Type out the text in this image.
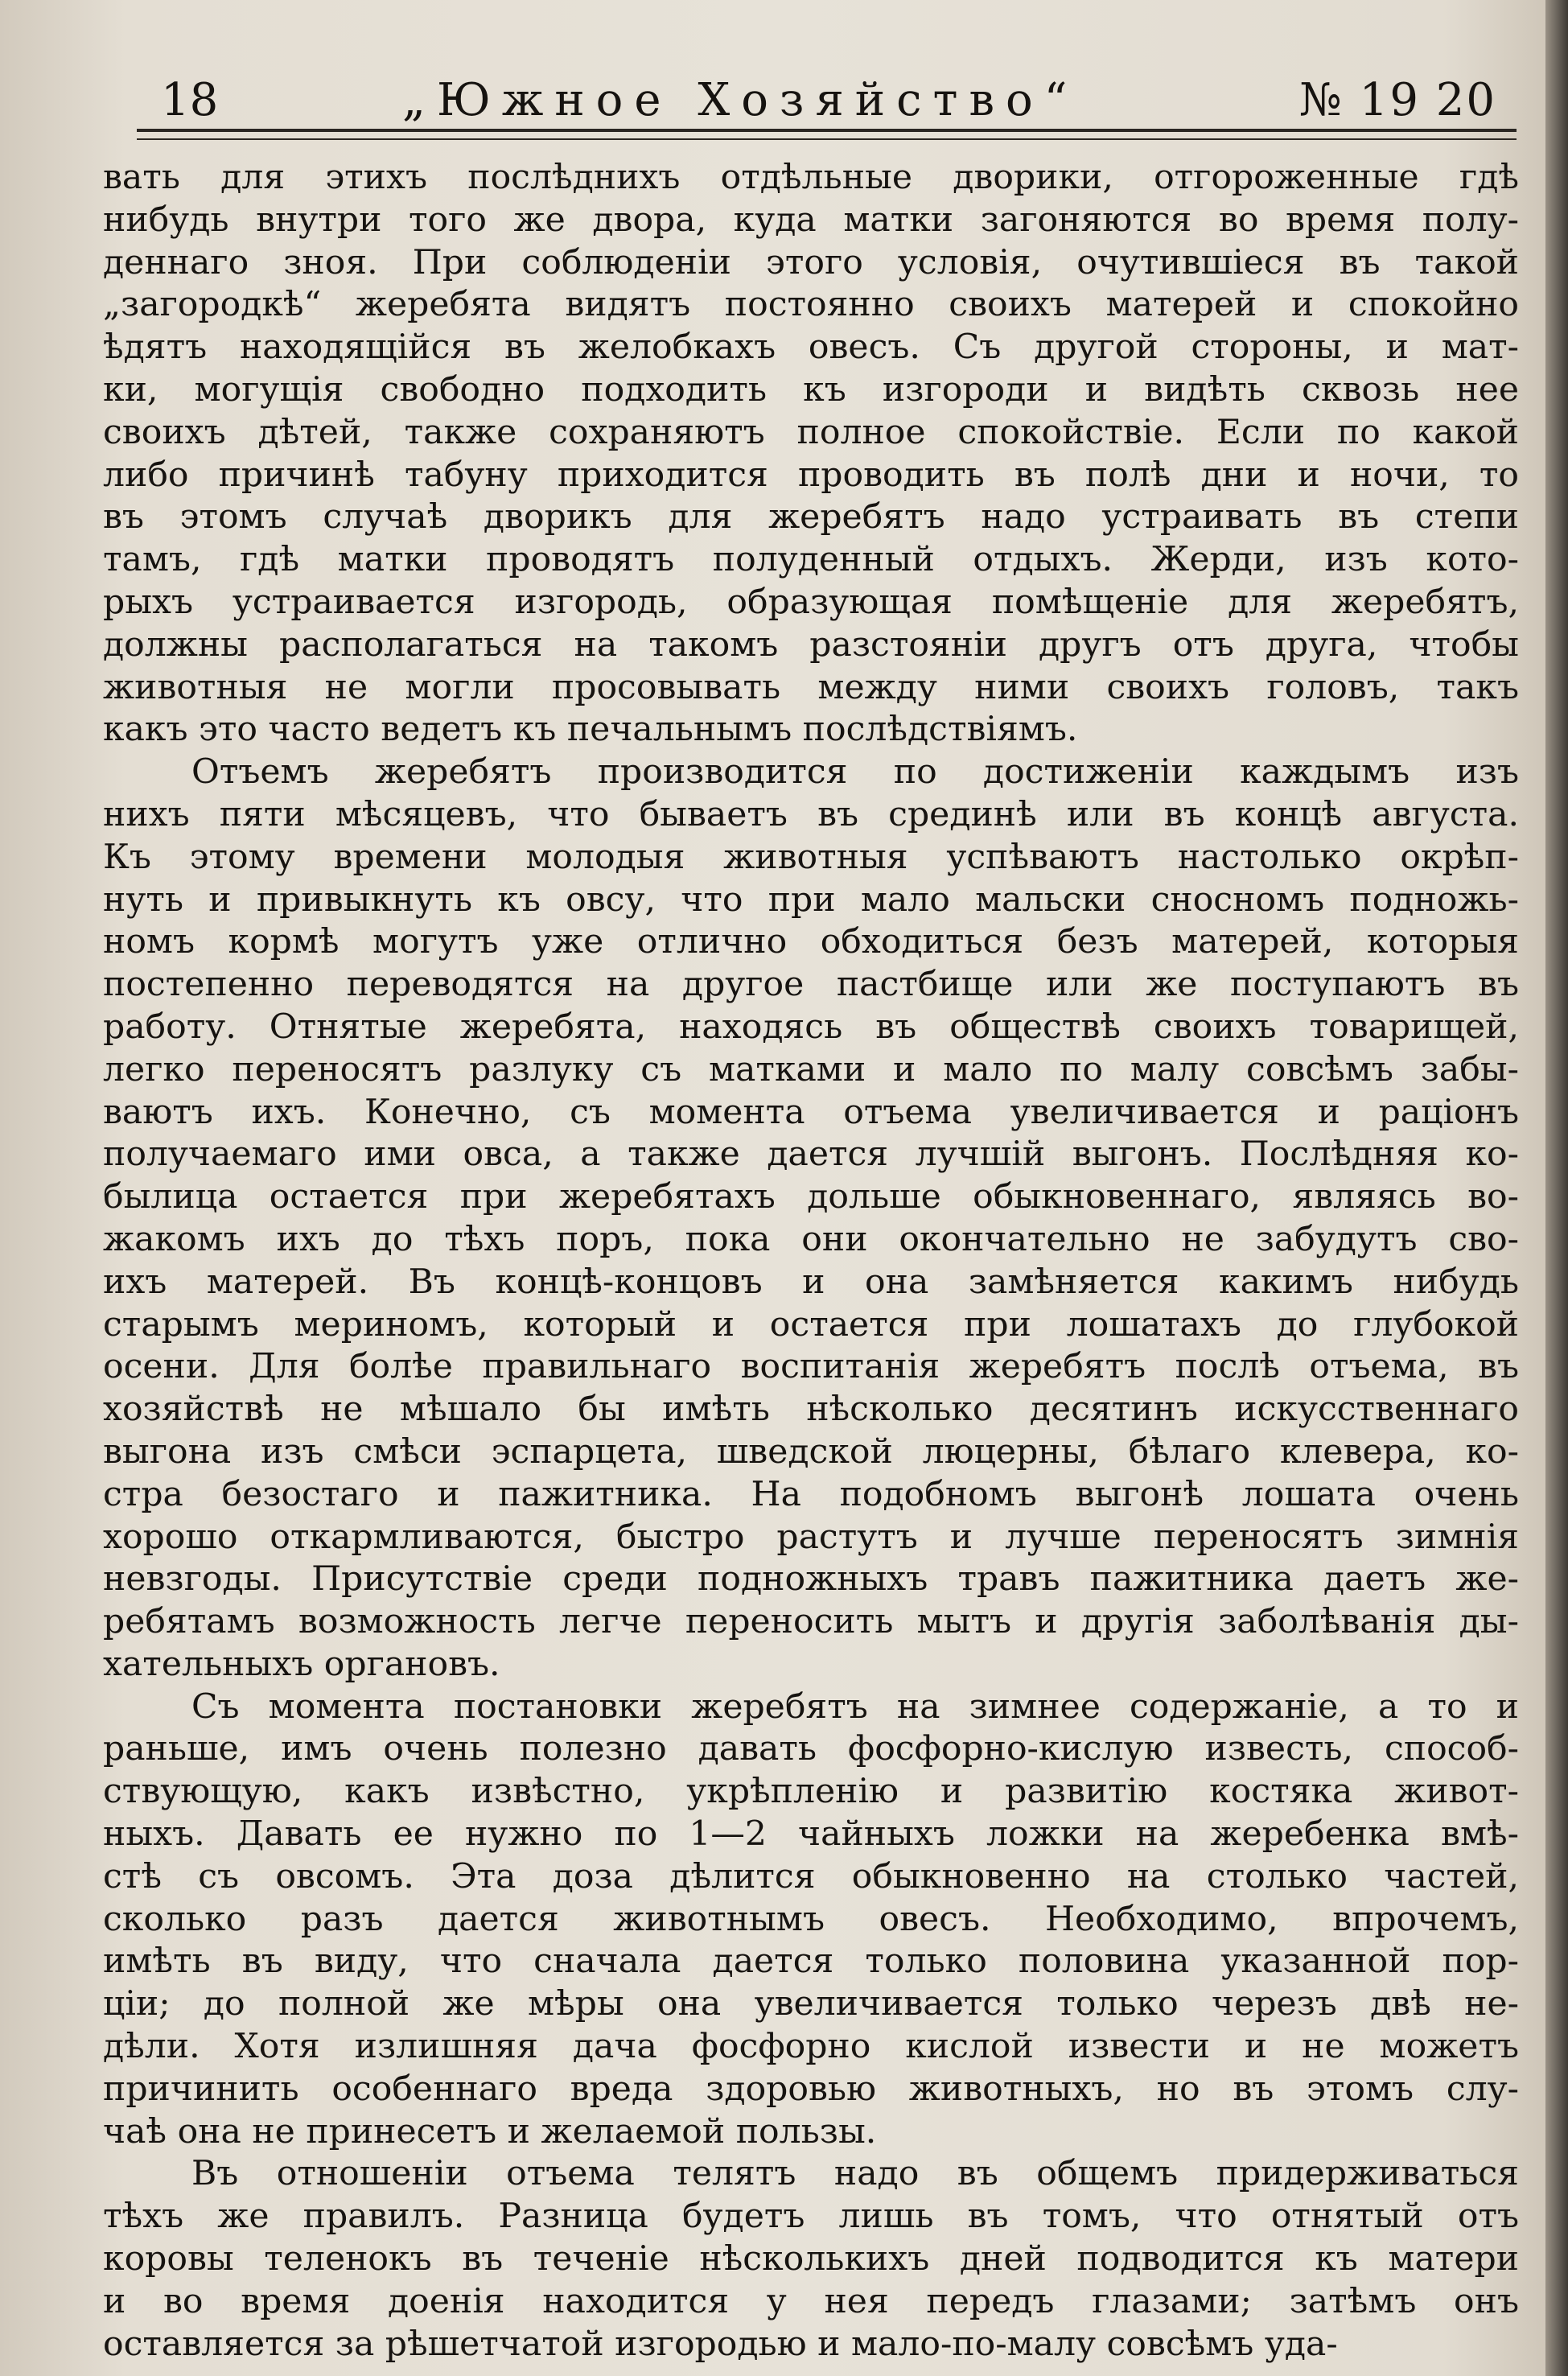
18	„Южное Хозяйство“	№ 19 20

вать для этихъ послѣднихъ отдѣльные дворики, отгороженные гдѣ

нибудь внутри того же двора, куда матки загоняются во время полу-

деннаго зноя. При соблюденіи этого условія, очутившіеся въ такой

„загородкѣ“ жеребята видятъ постоянно своихъ матерей и спокойно

ѣдятъ находящійся въ желобкахъ овесъ. Съ другой стороны, и мат-

ки, могущія свободно подходить къ изгороди и видѣть сквозь нее

своихъ дѣтей, также сохраняютъ полное спокойствіе. Если по какой

либо причинѣ табуну приходится проводить въ полѣ дни и ночи, то

въ этомъ случаѣ дворикъ для жеребятъ надо устраивать въ степи

тамъ, гдѣ матки проводятъ полуденный отдыхъ. Жерди, изъ кото-

рыхъ устраивается изгородь, образующая помѣщеніе для жеребятъ,

должны располагаться на такомъ разстояніи другъ отъ друга, чтобы

животныя не могли просовывать между ними своихъ головъ, такъ

какъ это часто ведетъ къ печальнымъ послѣдствіямъ.

Отъемъ жеребятъ производится по достиженіи каждымъ изъ

нихъ пяти мѣсяцевъ, что бываетъ въ срединѣ или въ концѣ августа.

Къ этому времени молодыя животныя успѣваютъ настолько окрѣп-

нуть и привыкнуть къ овсу, что при мало мальски сносномъ подножь-

номъ кормѣ могутъ уже отлично обходиться безъ матерей, которыя

постепенно переводятся на другое пастбище или же поступаютъ въ

работу. Отнятые жеребята, находясь въ обществѣ своихъ товарищей,

легко переносятъ разлуку съ матками и мало по малу совсѣмъ забы-

ваютъ ихъ. Конечно, съ момента отъема увеличивается и раціонъ

получаемаго ими овса, а также дается лучшій выгонъ. Послѣдняя ко-

былица остается при жеребятахъ дольше обыкновеннаго, являясь во-

жакомъ ихъ до тѣхъ поръ, пока они окончательно не забудутъ сво-

ихъ матерей. Въ концѣ-концовъ и она замѣняется какимъ нибудь

старымъ мериномъ, который и остается при лошатахъ до глубокой

осени. Для болѣе правильнаго воспитанія жеребятъ послѣ отъема, въ

хозяйствѣ не мѣшало бы имѣть нѣсколько десятинъ искусственнаго

выгона изъ смѣси эспарцета, шведской люцерны, бѣлаго клевера, ко-

стра безостаго и пажитника. На подобномъ выгонѣ лошата очень

хорошо откармливаются, быстро растутъ и лучше переносятъ зимнія

невзгоды. Присутствіе среди подножныхъ травъ пажитника даетъ же-

ребятамъ возможность легче переносить мытъ и другія заболѣванія ды-

хательныхъ органовъ.

Съ момента постановки жеребятъ на зимнее содержаніе, а то и

раньше, имъ очень полезно давать фосфорно-кислую известь, способ-

ствующую, какъ извѣстно, укрѣпленію и развитію костяка живот-

ныхъ. Давать ее нужно по 1—2 чайныхъ ложки на жеребенка вмѣ-

стѣ съ овсомъ. Эта доза дѣлится обыкновенно на столько частей,

сколько разъ дается животнымъ овесъ. Необходимо, впрочемъ,

имѣть въ виду, что сначала дается только половина указанной пор-

ціи; до полной же мѣры она увеличивается только черезъ двѣ не-

дѣли. Хотя излишняя дача фосфорно кислой извести и не можетъ

причинить особеннаго вреда здоровью животныхъ, но въ этомъ слу-

чаѣ она не принесетъ и желаемой пользы.

Въ отношеніи отъема телятъ надо въ общемъ придерживаться

тѣхъ же правилъ. Разница будетъ лишь въ томъ, что отнятый отъ

коровы теленокъ въ теченіе нѣсколькихъ дней подводится къ матери

и во время доенія находится у нея передъ глазами; затѣмъ онъ

оставляется за рѣшетчатой изгородью и мало-по-малу совсѣмъ уда-
